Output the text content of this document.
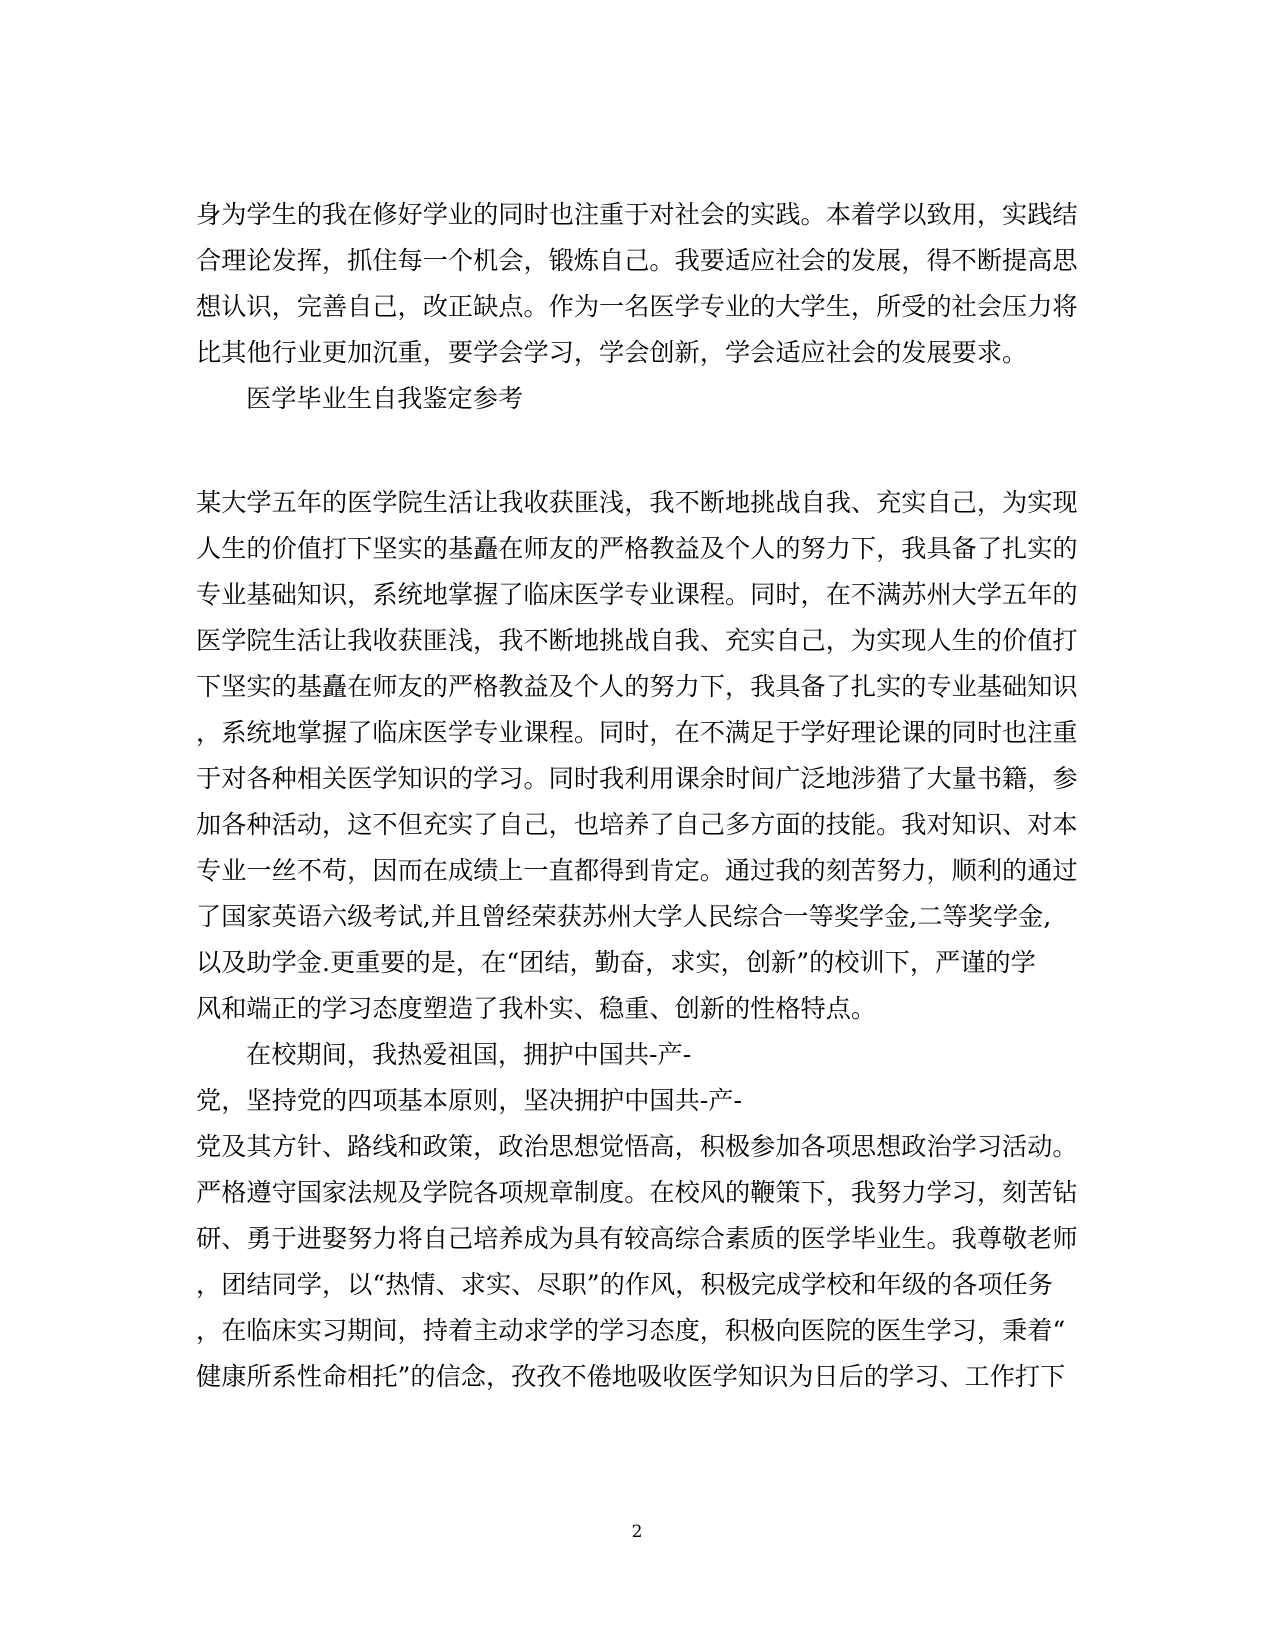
身为学生的我在修好学业的同时也注重于对社会的实践。本着学以致用，实践结
合理论发挥，抓住每一个机会，锻炼自己。我要适应社会的发展，得不断提高思
想认识，完善自己，改正缺点。作为一名医学专业的大学生，所受的社会压力将
比其他行业更加沉重，要学会学习，学会创新，学会适应社会的发展要求。
医学毕业生自我鉴定参考
某大学五年的医学院生活让我收获匪浅，我不断地挑战自我、充实自己，为实现
人生的价值打下坚实的基矗在师友的严格教益及个人的努力下，我具备了扎实的
专业基础知识，系统地掌握了临床医学专业课程。同时，在不满苏州大学五年的
医学院生活让我收获匪浅，我不断地挑战自我、充实自己，为实现人生的价值打
下坚实的基矗在师友的严格教益及个人的努力下，我具备了扎实的专业基础知识
，系统地掌握了临床医学专业课程。同时，在不满足于学好理论课的同时也注重
于对各种相关医学知识的学习。同时我利用课余时间广泛地涉猎了大量书籍，参
加各种活动，这不但充实了自己，也培养了自己多方面的技能。我对知识、对本
专业一丝不苟，因而在成绩上一直都得到肯定。通过我的刻苦努力，顺利的通过
了国家英语六级考试,并且曾经荣获苏州大学人民综合一等奖学金,二等奖学金,
以及助学金.更重要的是，在“团结，勤奋，求实，创新”的校训下，严谨的学
风和端正的学习态度塑造了我朴实、稳重、创新的性格特点。
在校期间，我热爱祖国，拥护中国共-产-
党，坚持党的四项基本原则，坚决拥护中国共-产-
党及其方针、路线和政策，政治思想觉悟高，积极参加各项思想政治学习活动。
严格遵守国家法规及学院各项规章制度。在校风的鞭策下，我努力学习，刻苦钻
研、勇于进娶努力将自己培养成为具有较高综合素质的医学毕业生。我尊敬老师
，团结同学，以“热情、求实、尽职”的作风，积极完成学校和年级的各项任务
，在临床实习期间，持着主动求学的学习态度，积极向医院的医生学习，秉着“
健康所系性命相托”的信念，孜孜不倦地吸收医学知识为日后的学习、工作打下
2
